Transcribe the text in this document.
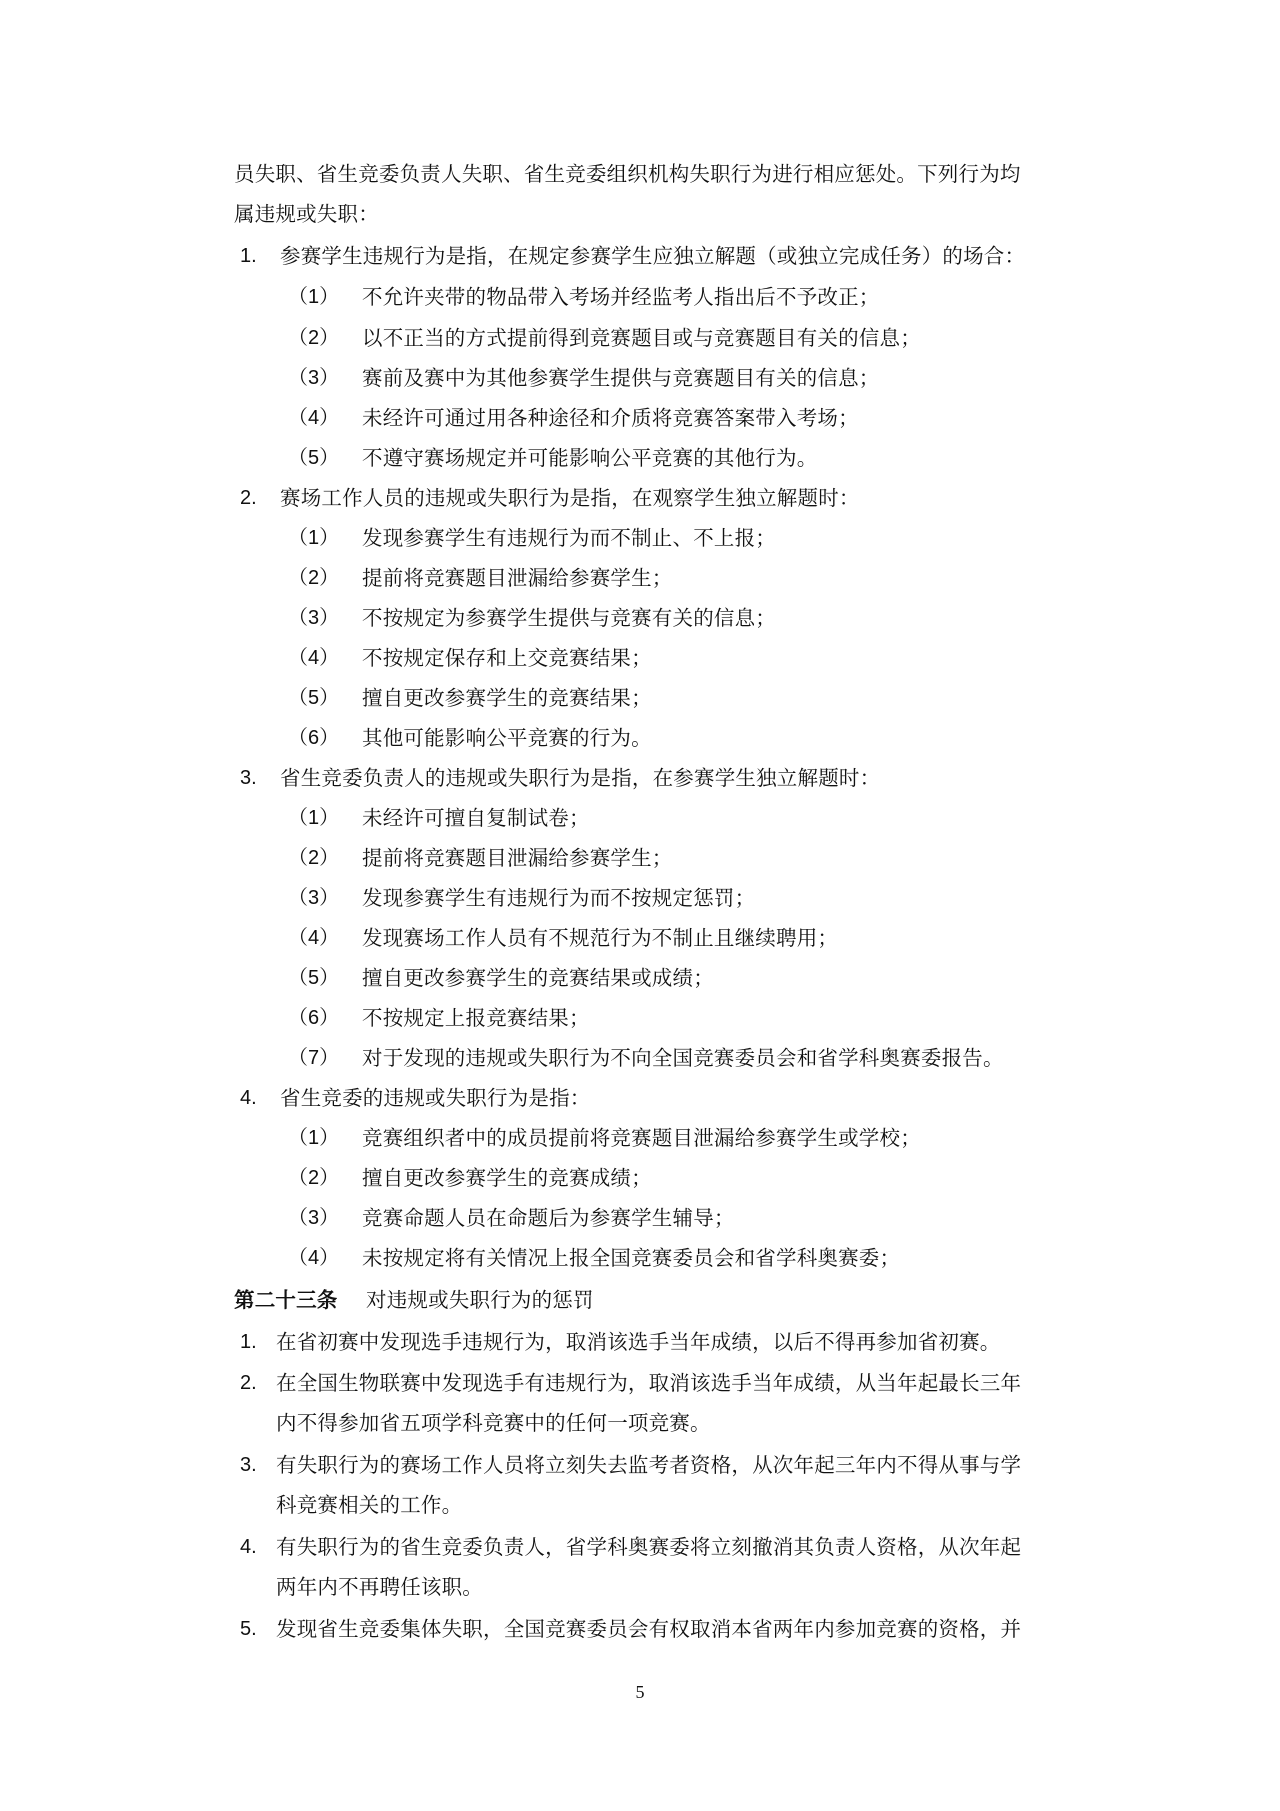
员失职、省生竞委负责人失职、省生竞委组织机构失职行为进行相应惩处。下列行为均
属违规或失职：
1. 参赛学生违规行为是指，在规定参赛学生应独立解题（或独立完成任务）的场合：
（1） 不允许夹带的物品带入考场并经监考人指出后不予改正；
（2） 以不正当的方式提前得到竞赛题目或与竞赛题目有关的信息；
（3） 赛前及赛中为其他参赛学生提供与竞赛题目有关的信息；
（4） 未经许可通过用各种途径和介质将竞赛答案带入考场；
（5） 不遵守赛场规定并可能影响公平竞赛的其他行为。
2. 赛场工作人员的违规或失职行为是指，在观察学生独立解题时：
（1） 发现参赛学生有违规行为而不制止、不上报；
（2） 提前将竞赛题目泄漏给参赛学生；
（3） 不按规定为参赛学生提供与竞赛有关的信息；
（4） 不按规定保存和上交竞赛结果；
（5） 擅自更改参赛学生的竞赛结果；
（6） 其他可能影响公平竞赛的行为。
3. 省生竞委负责人的违规或失职行为是指，在参赛学生独立解题时：
（1） 未经许可擅自复制试卷；
（2） 提前将竞赛题目泄漏给参赛学生；
（3） 发现参赛学生有违规行为而不按规定惩罚；
（4） 发现赛场工作人员有不规范行为不制止且继续聘用；
（5） 擅自更改参赛学生的竞赛结果或成绩；
（6） 不按规定上报竞赛结果；
（7） 对于发现的违规或失职行为不向全国竞赛委员会和省学科奥赛委报告。
4. 省生竞委的违规或失职行为是指：
（1） 竞赛组织者中的成员提前将竞赛题目泄漏给参赛学生或学校；
（2） 擅自更改参赛学生的竞赛成绩；
（3） 竞赛命题人员在命题后为参赛学生辅导；
（4） 未按规定将有关情况上报全国竞赛委员会和省学科奥赛委；
第二十三条 对违规或失职行为的惩罚
1. 在省初赛中发现选手违规行为，取消该选手当年成绩，以后不得再参加省初赛。
2. 在全国生物联赛中发现选手有违规行为，取消该选手当年成绩，从当年起最长三年
内不得参加省五项学科竞赛中的任何一项竞赛。
3. 有失职行为的赛场工作人员将立刻失去监考者资格，从次年起三年内不得从事与学
科竞赛相关的工作。
4. 有失职行为的省生竞委负责人，省学科奥赛委将立刻撤消其负责人资格，从次年起
两年内不再聘任该职。
5. 发现省生竞委集体失职，全国竞赛委员会有权取消本省两年内参加竞赛的资格，并
5
